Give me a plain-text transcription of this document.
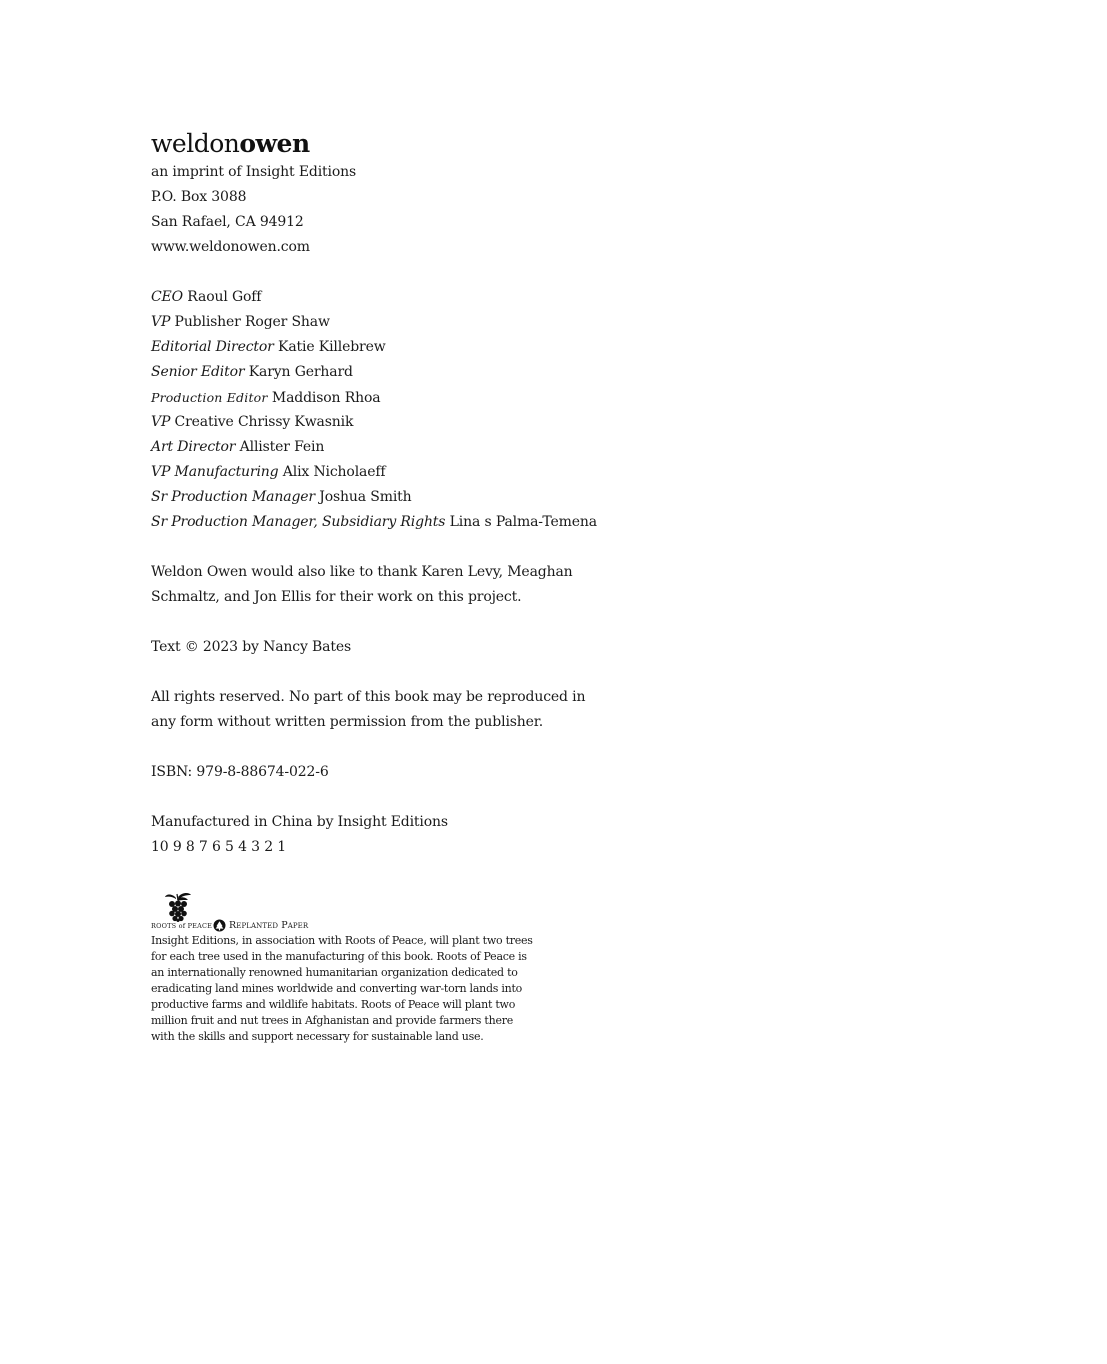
weldonowen
an imprint of Insight Editions
P.O. Box 3088
San Rafael, CA 94912
www.weldonowen.com
CEO Raoul Goff
VP Publisher Roger Shaw
Editorial Director Katie Killebrew
Senior Editor Karyn Gerhard
Production Editor Maddison Rhoa
VP Creative Chrissy Kwasnik
Art Director Allister Fein
VP Manufacturing Alix Nicholaeff
Sr Production Manager Joshua Smith
Sr Production Manager, Subsidiary Rights Lina s Palma-Temena
Weldon Owen would also like to thank Karen Levy, Meaghan
Schmaltz, and Jon Ellis for their work on this project.
Text © 2023 by Nancy Bates
All rights reserved. No part of this book may be reproduced in
any form without written permission from the publisher.
ISBN: 979-8-88674-022-6
Manufactured in China by Insight Editions
10 9 8 7 6 5 4 3 2 1
ROOTS of PEACE Replanted Paper
Insight Editions, in association with Roots of Peace, will plant two trees
for each tree used in the manufacturing of this book. Roots of Peace is
an internationally renowned humanitarian organization dedicated to
eradicating land mines worldwide and converting war-torn lands into
productive farms and wildlife habitats. Roots of Peace will plant two
million fruit and nut trees in Afghanistan and provide farmers there
with the skills and support necessary for sustainable land use.
